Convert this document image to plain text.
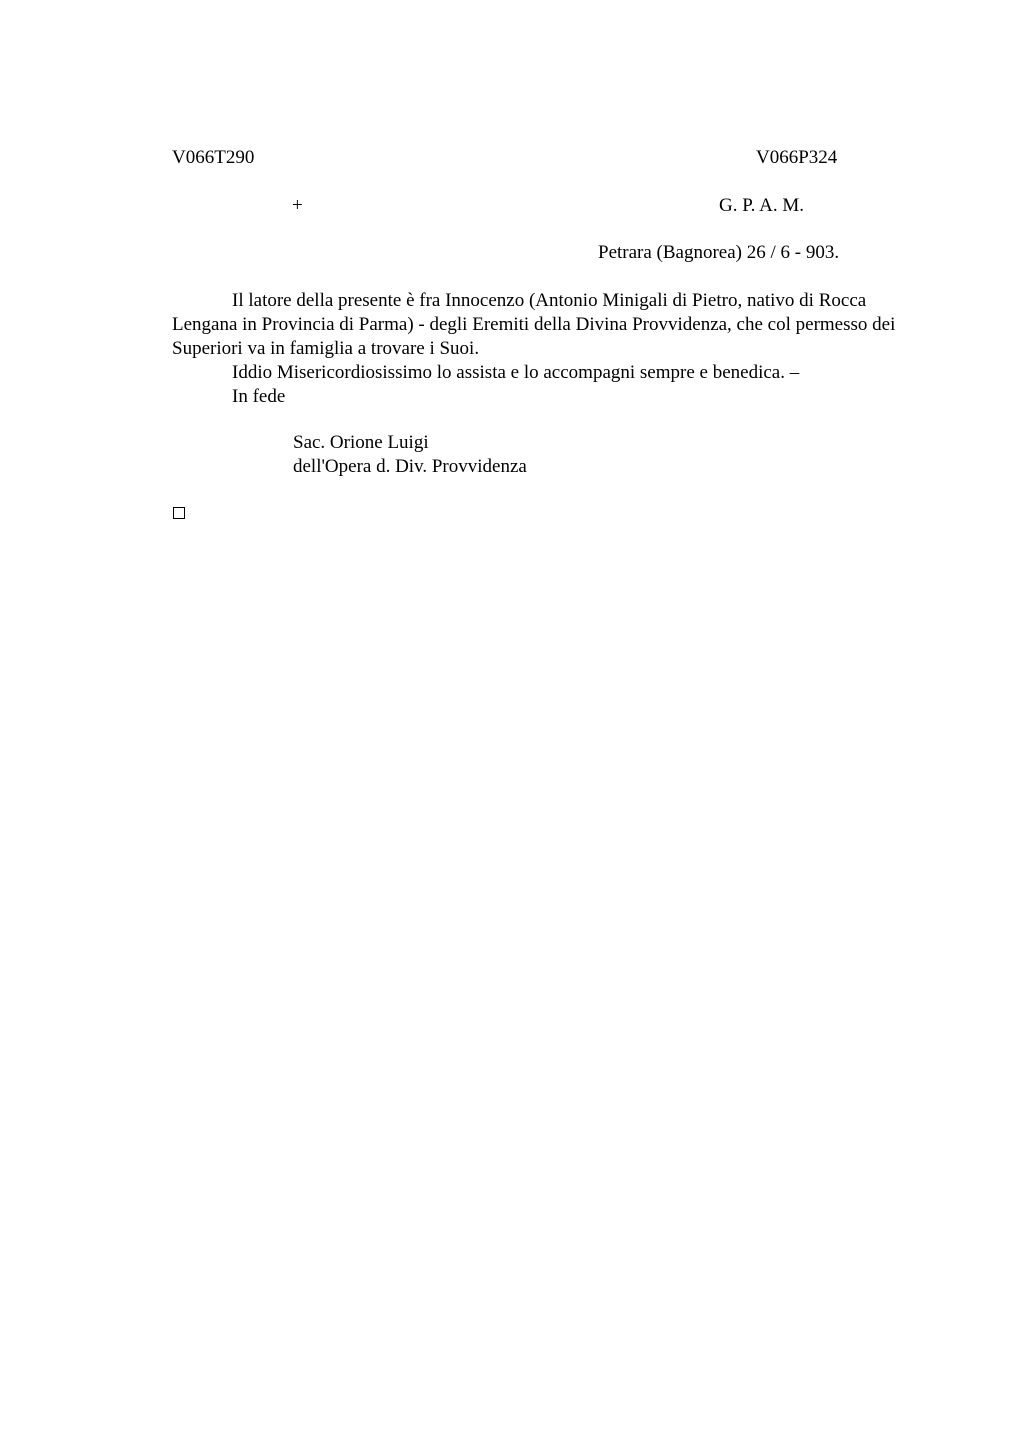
V066T290	V066P324
+	G. P. A. M.
Petrara (Bagnorea) 26 / 6 - 903.

Il latore della presente è fra Innocenzo (Antonio Minigali di Pietro, nativo di Rocca Lengana in Provincia di Parma) - degli Eremiti della Divina Provvidenza, che col permesso dei Superiori va in famiglia a trovare i Suoi.

Iddio Misericordiosissimo lo assista e lo accompagni sempre e benedica. –

In fede

Sac. Orione Luigi
dell'Opera d. Div. Provvidenza
